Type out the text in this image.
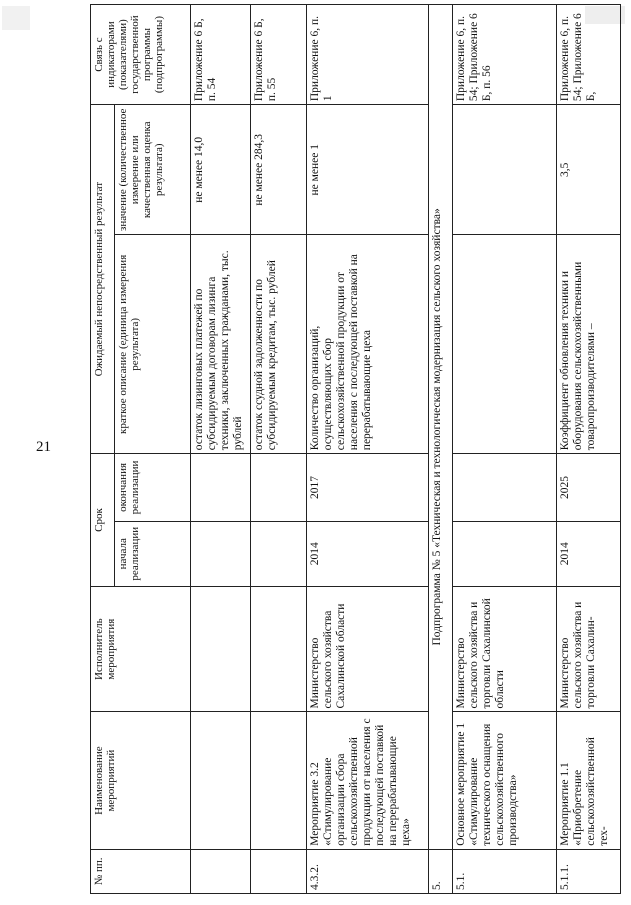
21
№ пп.	Наименование мероприятий	Исполнитель мероприятия	Срок		Ожидаемый непосредственный результат		Связь с индикаторами (показателями) государственной программы (подпрограммы)
			начала реализации	окончания реализации	краткое описание (единица измерения результата)	значение (количественное измерение или качественная оценка результата)	
					остаток лизинговых платежей по субсидируемым договорам лизинга техники, заключенных гражданами, тыс. рублей	не менее 14,0	Приложение 6 Б, п. 54
					остаток ссудной задолженности по субсидируемым кредитам, тыс. рублей	не менее 284,3	Приложение 6 Б, п. 55
4.3.2.	Мероприятие 3.2 «Стимулирование организации сбора сельскохозяйственной продукции от населения с последующей поставкой на перерабатывающие цеха»	Министерство сельского хозяйства Сахалинской области	2014	2017	Количество организаций, осуществляющих сбор сельскохозяйственной продукции от населения с последующей поставкой на перерабатывающие цеха	не менее 1	Приложение 6, п. 1
5.	Подпрограмма № 5 «Техническая и технологическая модернизация сельского хозяйства»						
5.1.	Основное мероприятие 1 «Стимулирование технического оснащения сельскохозяйственного производства»	Министерство сельского хозяйства и торговли Сахалинской области					Приложение 6, п. 54; Приложение 6 Б, п. 56
5.1.1.	Мероприятие 1.1 «Приобретение сельскохозяйственной тех-	Министерство сельского хозяйства и торговли Сахалин-	2014	2025	Коэффициент обновления техники и оборудования сельскохозяйственными товаропроизводителями –	3,5	Приложение 6, п. 54; Приложение 6 Б,
